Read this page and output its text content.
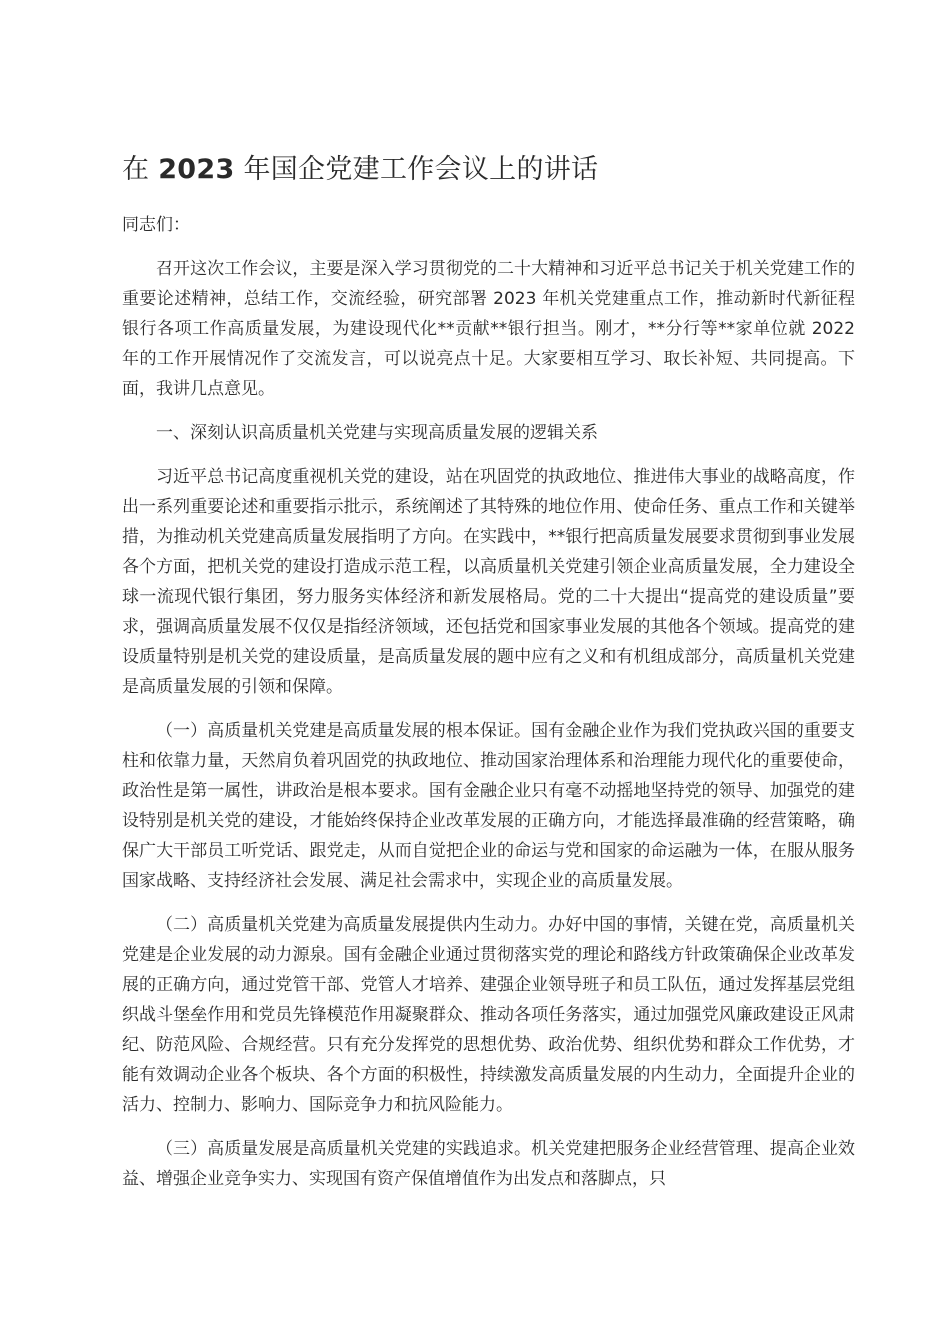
在 2023 年国企党建工作会议上的讲话

同志们：

召开这次工作会议，主要是深入学习贯彻党的二十大精神和习近平总书记关于机关党建工作的重要论述精神，总结工作，交流经验，研究部署 2023 年机关党建重点工作，推动新时代新征程银行各项工作高质量发展，为建设现代化**贡献**银行担当。刚才，**分行等**家单位就 2022 年的工作开展情况作了交流发言，可以说亮点十足。大家要相互学习、取长补短、共同提高。下面，我讲几点意见。

一、深刻认识高质量机关党建与实现高质量发展的逻辑关系

习近平总书记高度重视机关党的建设，站在巩固党的执政地位、推进伟大事业的战略高度，作出一系列重要论述和重要指示批示，系统阐述了其特殊的地位作用、使命任务、重点工作和关键举措，为推动机关党建高质量发展指明了方向。在实践中，**银行把高质量发展要求贯彻到事业发展各个方面，把机关党的建设打造成示范工程，以高质量机关党建引领企业高质量发展，全力建设全球一流现代银行集团，努力服务实体经济和新发展格局。党的二十大提出“提高党的建设质量”要求，强调高质量发展不仅仅是指经济领域，还包括党和国家事业发展的其他各个领域。提高党的建设质量特别是机关党的建设质量，是高质量发展的题中应有之义和有机组成部分，高质量机关党建是高质量发展的引领和保障。

（一）高质量机关党建是高质量发展的根本保证。国有金融企业作为我们党执政兴国的重要支柱和依靠力量，天然肩负着巩固党的执政地位、推动国家治理体系和治理能力现代化的重要使命，政治性是第一属性，讲政治是根本要求。国有金融企业只有毫不动摇地坚持党的领导、加强党的建设特别是机关党的建设，才能始终保持企业改革发展的正确方向，才能选择最准确的经营策略，确保广大干部员工听党话、跟党走，从而自觉把企业的命运与党和国家的命运融为一体，在服从服务国家战略、支持经济社会发展、满足社会需求中，实现企业的高质量发展。

（二）高质量机关党建为高质量发展提供内生动力。办好中国的事情，关键在党，高质量机关党建是企业发展的动力源泉。国有金融企业通过贯彻落实党的理论和路线方针政策确保企业改革发展的正确方向，通过党管干部、党管人才培养、建强企业领导班子和员工队伍，通过发挥基层党组织战斗堡垒作用和党员先锋模范作用凝聚群众、推动各项任务落实，通过加强党风廉政建设正风肃纪、防范风险、合规经营。只有充分发挥党的思想优势、政治优势、组织优势和群众工作优势，才能有效调动企业各个板块、各个方面的积极性，持续激发高质量发展的内生动力，全面提升企业的活力、控制力、影响力、国际竞争力和抗风险能力。

（三）高质量发展是高质量机关党建的实践追求。机关党建把服务企业经营管理、提高企业效益、增强企业竞争实力、实现国有资产保值增值作为出发点和落脚点，只
